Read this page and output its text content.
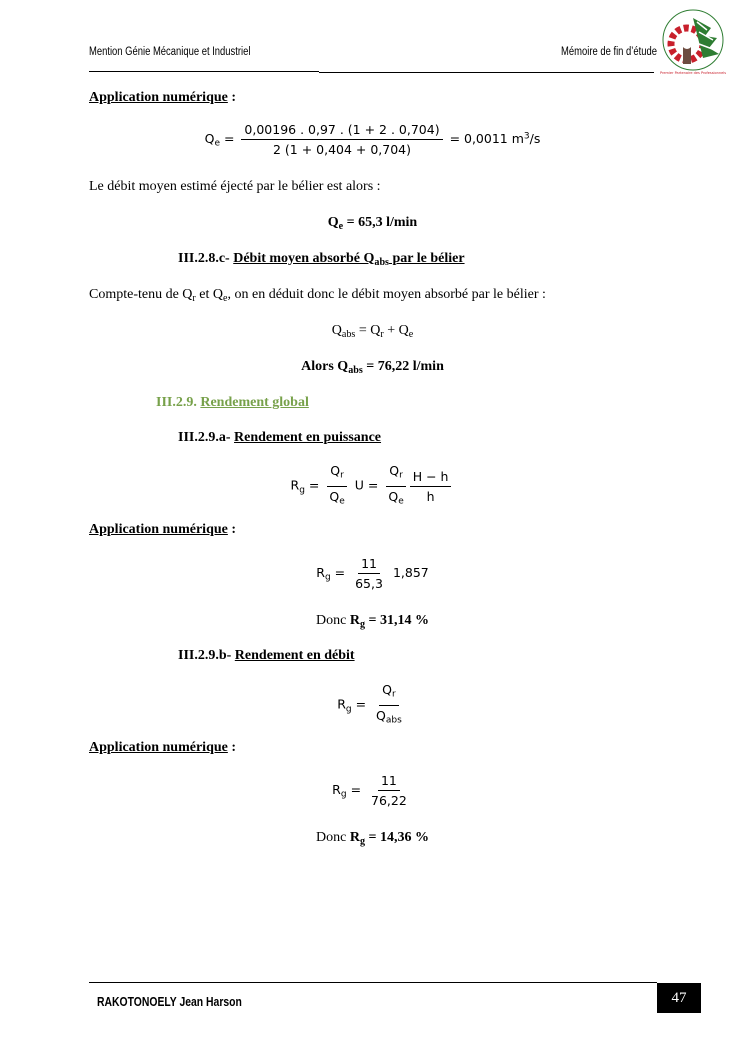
Mention Génie Mécanique et Industriel	Mémoire de fin d’étude
Premier Partenaire des Professionnels
Application numérique :
$Q_e = \frac{0,00196 . 0,97 . (1 + 2 . 0,704)}{2 (1 + 0,404 + 0,704)} = 0,0011$ $m^3/s$
Le débit moyen estimé éjecté par le bélier est alors :
$Q_e = 65,3$ l/min
III.2.8.c- Débit moyen absorbé $Q_{abs}$ par le bélier
Compte-tenu de $Q_r$ et $Q_e$, on en déduit donc le débit moyen absorbé par le bélier :
$Q_{abs} = Q_r + Q_e$
Alors $Q_{abs} = 76,22$ l/min
III.2.9. Rendement global
III.2.9.a- Rendement en puissance
$R_g = \frac{Q_r}{Q_e}$ $U = \frac{Q_r}{Q_e} \frac{H - h}{h}$
Application numérique :
$R_g = \frac{11}{65,3} 1,857$
Donc $R_g = 31,14$ %
III.2.9.b- Rendement en débit
$R_g = \frac{Q_r}{Q_{abs}}$
Application numérique :
$R_g = \frac{11}{76,22}$
Donc $R_g = 14,36$ %
RAKOTONOELY Jean Harson	47
